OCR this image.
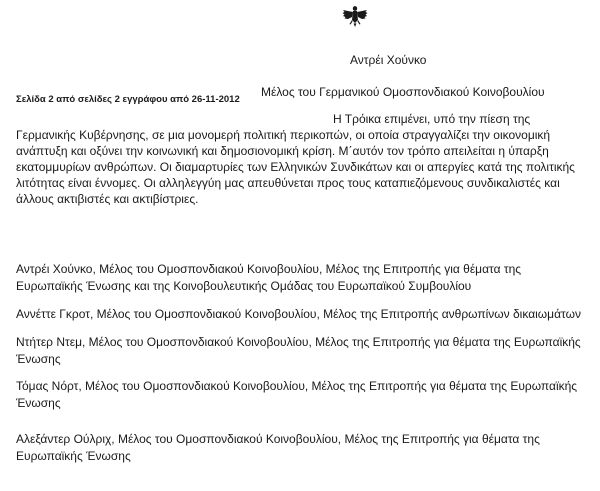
Αντρέι Χούνκο
Μέλος του Γερμανικού Ομοσπονδιακού Κοινοβουλίου
Σελίδα 2 από σελίδες 2 εγγράφου από 26-11-2012
Η Τρόικα επιμένει, υπό την πίεση της
Γερμανικής Κυβέρνησης, σε μια μονομερή πολιτική περικοπών, οι οποία στραγγαλίζει την οικονομική ανάπτυξη και οξύνει την κοινωνική και δημοσιονομική κρίση. Μ΄αυτόν τον τρόπο απειλείται η ύπαρξη εκατομμυρίων ανθρώπων. Οι διαμαρτυρίες των Ελληνικών Συνδικάτων και οι απεργίες κατά της πολιτικής λιτότητας είναι έννομες. Οι αλληλεγγύη μας απευθύνεται προς τους καταπιεζόμενους συνδικαλιστές και άλλους ακτιβιστές και ακτιβίστριες.
Αντρέι Χούνκο, Μέλος του Ομοσπονδιακού Κοινοβουλίου, Μέλος της Επιτροπής για θέματα της Ευρωπαϊκής Ένωσης και της Κοινοβουλευτικής Ομάδας του Ευρωπαϊκού Συμβουλίου
Αννέττε Γκροτ, Μέλος του Ομοσπονδιακού Κοινοβουλίου, Μέλος της Επιτροπής ανθρωπίνων δικαιωμάτων
Ντήτερ Ντεμ, Μέλος του Ομοσπονδιακού Κοινοβουλίου, Μέλος της Επιτροπής για θέματα της Ευρωπαϊκής Ένωσης
Τόμας Νόρτ, Μέλος του Ομοσπονδιακού Κοινοβουλίου, Μέλος της Επιτροπής για θέματα της Ευρωπαϊκής Ένωσης
Αλεξάντερ Ούλριχ, Μέλος του Ομοσπονδιακού Κοινοβουλίου, Μέλος της Επιτροπής για θέματα της Ευρωπαϊκής Ένωσης
